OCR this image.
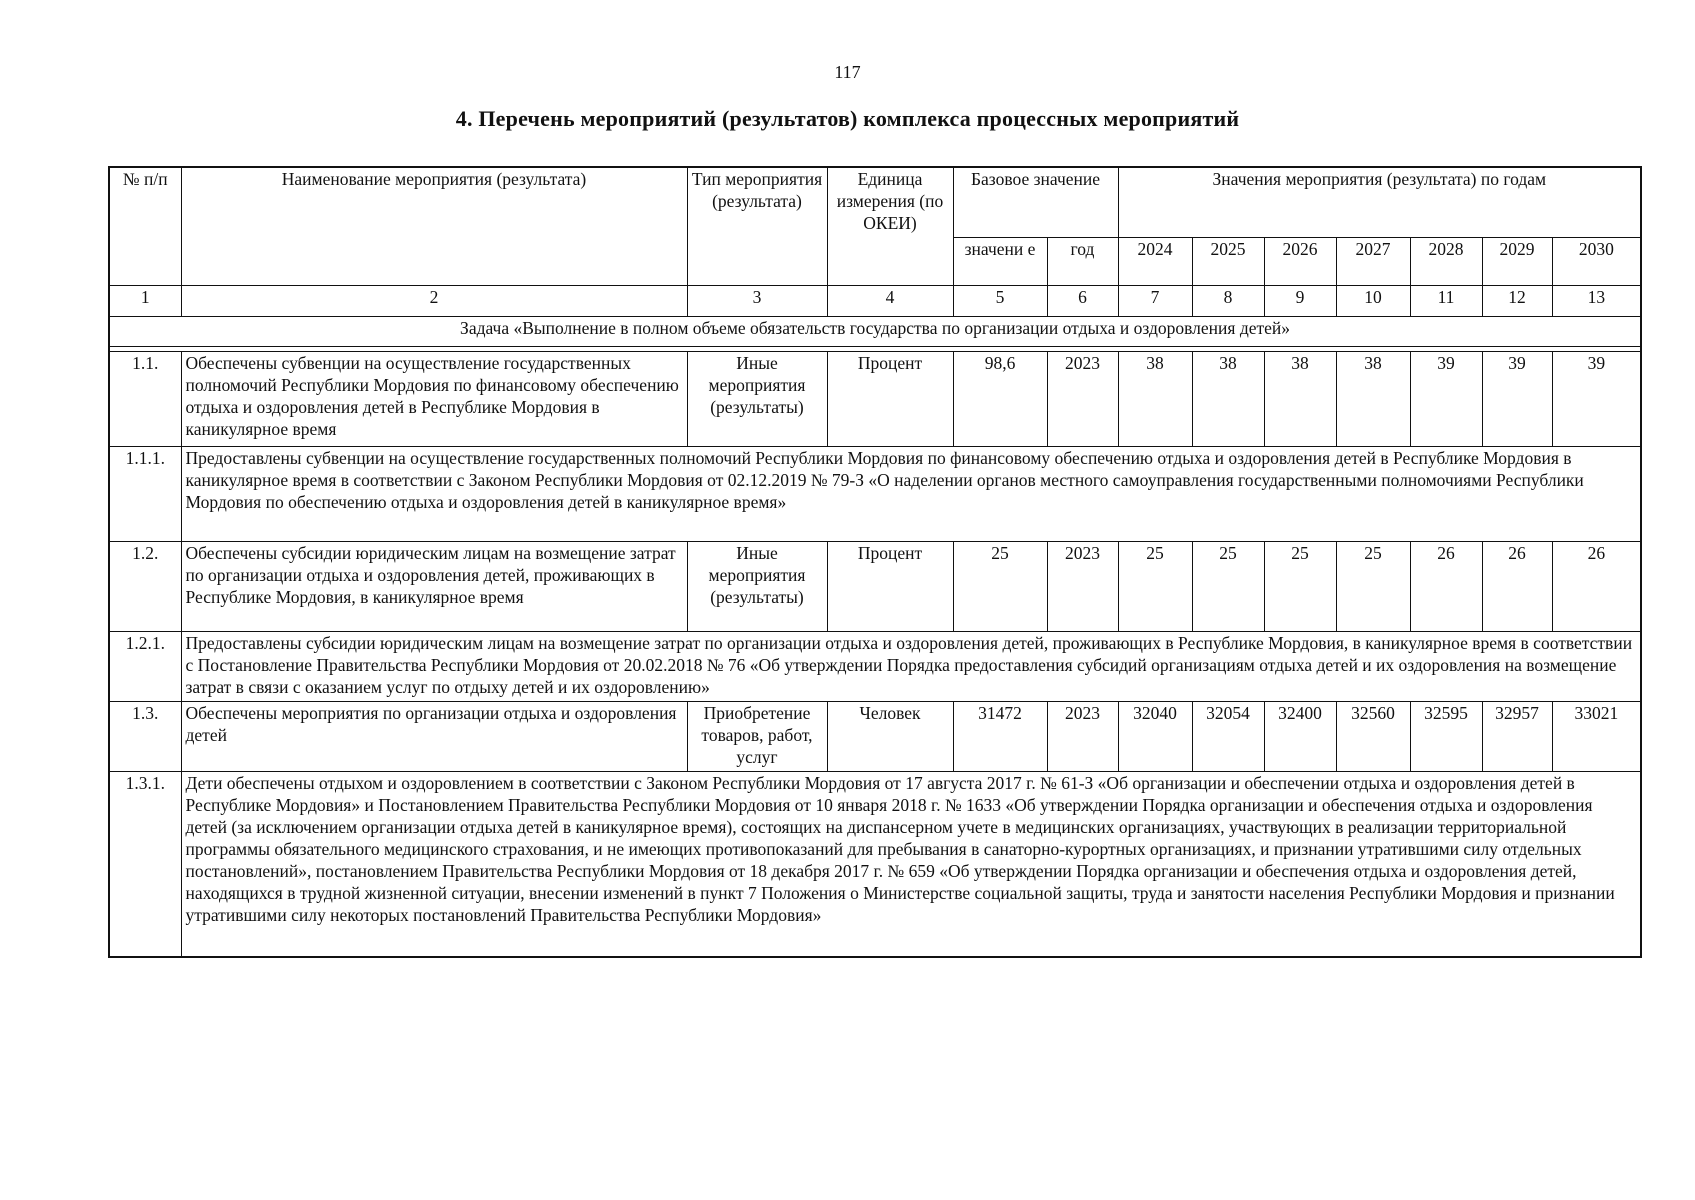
117
4. Перечень мероприятий (результатов) комплекса процессных мероприятий
№ п/п	Наименование мероприятия (результата)	Тип мероприятия (результата)	Единица измерения (по ОКЕИ)	Базовое значение		Значения мероприятия (результата) по годам						
				значени е	год	2024	2025	2026	2027	2028	2029	2030
1	2	3	4	5	6	7	8	9	10	11	12	13
Задача «Выполнение в полном объеме обязательств государства по организации отдыха и оздоровления детей»												

1.1.	Обеспечены субвенции на осуществление государственных полномочий Республики Мордовия по финансовому обеспечению отдыха и оздоровления детей в Республике Мордовия в каникулярное время	Иные мероприятия (результаты)	Процент	98,6	2023	38	38	38	38	39	39	39
1.1.1.	Предоставлены субвенции на осуществление государственных полномочий Республики Мордовия по финансовому обеспечению отдыха и оздоровления детей в Республике Мордовия в каникулярное время в соответствии с Законом Республики Мордовия от 02.12.2019 № 79-З «О наделении органов местного самоуправления государственными полномочиями Республики Мордовия по обеспечению отдыха и оздоровления детей в каникулярное время»											
1.2.	Обеспечены субсидии юридическим лицам на возмещение затрат по организации отдыха и оздоровления детей, проживающих в Республике Мордовия, в каникулярное время	Иные мероприятия (результаты)	Процент	25	2023	25	25	25	25	26	26	26
1.2.1.	Предоставлены субсидии юридическим лицам на возмещение затрат по организации отдыха и оздоровления детей, проживающих в Республике Мордовия, в каникулярное время в соответствии с Постановление Правительства Республики Мордовия от 20.02.2018 № 76 «Об утверждении Порядка предоставления субсидий организациям отдыха детей и их оздоровления на возмещение затрат в связи с оказанием услуг по отдыху детей и их оздоровлению»											
1.3.	Обеспечены мероприятия по организации отдыха и оздоровления детей	Приобретение товаров, работ, услуг	Человек	31472	2023	32040	32054	32400	32560	32595	32957	33021
1.3.1.	Дети обеспечены отдыхом и оздоровлением в соответствии с Законом Республики Мордовия от 17 августа 2017 г. № 61-З «Об организации и обеспечении отдыха и оздоровления детей в Республике Мордовия» и Постановлением Правительства Республики Мордовия от 10 января 2018 г. № 1633 «Об утверждении Порядка организации и обеспечения отдыха и оздоровления детей (за исключением организации отдыха детей в каникулярное время), состоящих на диспансерном учете в медицинских организациях, участвующих в реализации территориальной программы обязательного медицинского страхования, и не имеющих противопоказаний для пребывания в санаторно-курортных организациях, и признании утратившими силу отдельных постановлений», постановлением Правительства Республики Мордовия от 18 декабря 2017 г. № 659 «Об утверждении Порядка организации и обеспечения отдыха и оздоровления детей, находящихся в трудной жизненной ситуации, внесении изменений в пункт 7 Положения о Министерстве социальной защиты, труда и занятости населения Республики Мордовия и признании утратившими силу некоторых постановлений Правительства Республики Мордовия»											
